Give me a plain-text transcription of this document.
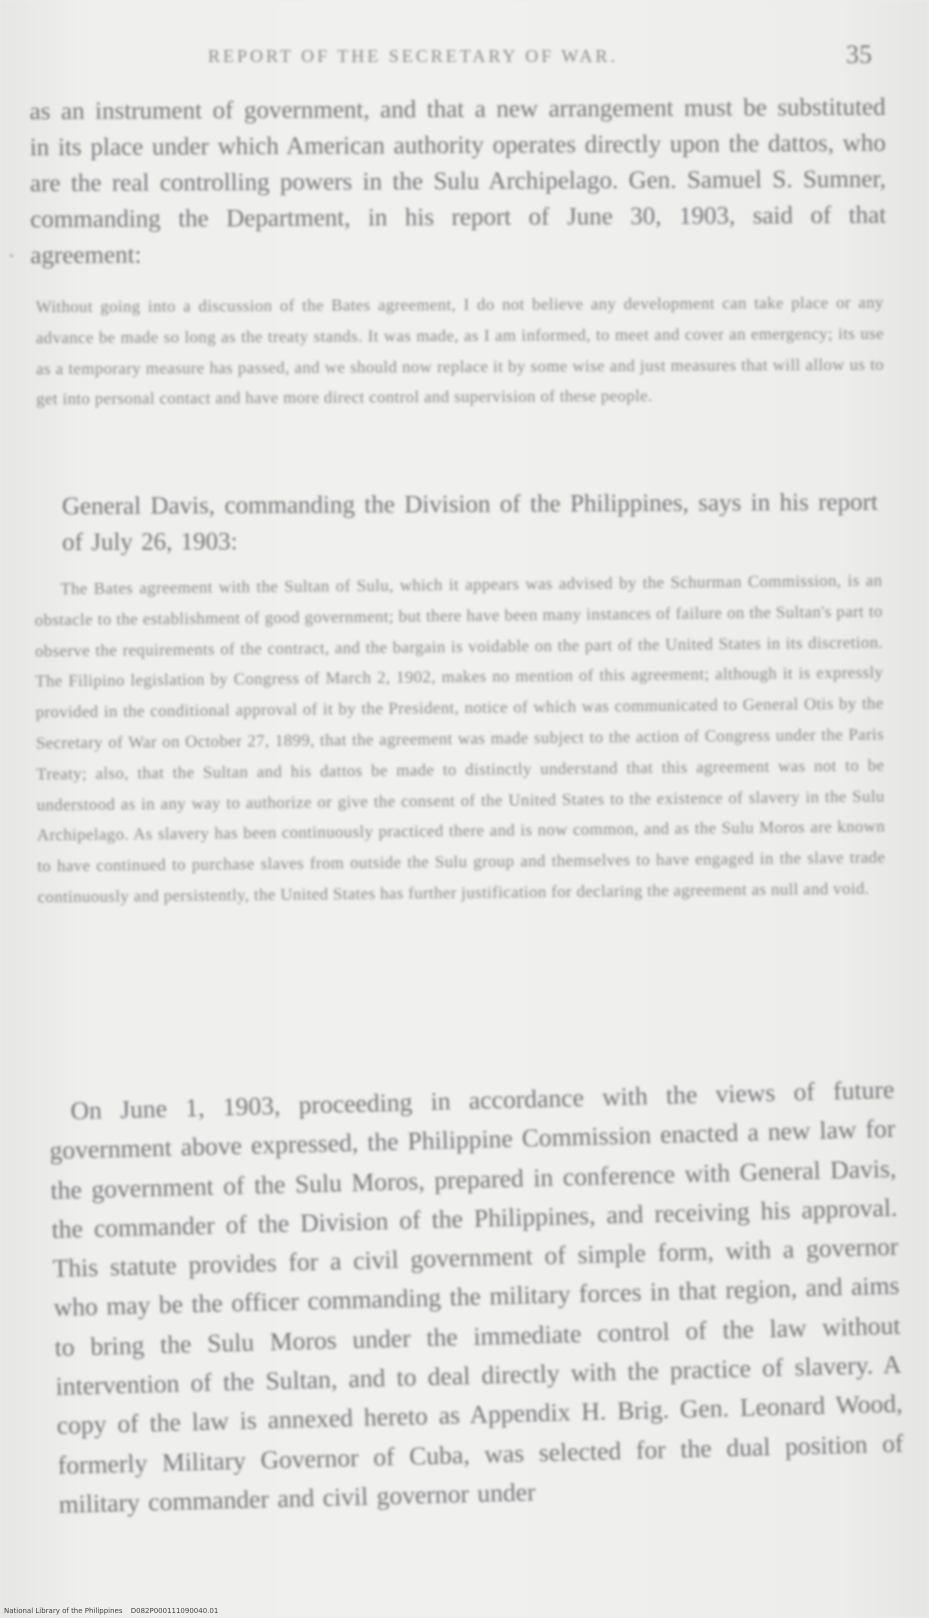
REPORT OF THE SECRETARY OF WAR.	35

as an instrument of government, and that a new arrangement must be substituted in its place under which American authority operates directly upon the dattos, who are the real controlling powers in the Sulu Archipelago. Gen. Samuel S. Sumner, commanding the Department, in his report of June 30, 1903, said of that agreement:

Without going into a discussion of the Bates agreement, I do not believe any development can take place or any advance be made so long as the treaty stands. It was made, as I am informed, to meet and cover an emergency; its use as a temporary measure has passed, and we should now replace it by some wise and just measures that will allow us to get into personal contact and have more direct control and supervision of these people.

General Davis, commanding the Division of the Philippines, says in his report of July 26, 1903:

The Bates agreement with the Sultan of Sulu, which it appears was advised by the Schurman Commission, is an obstacle to the establishment of good government; but there have been many instances of failure on the Sultan's part to observe the requirements of the contract, and the bargain is voidable on the part of the United States in its discretion. The Filipino legislation by Congress of March 2, 1902, makes no mention of this agreement; although it is expressly provided in the conditional approval of it by the President, notice of which was communicated to General Otis by the Secretary of War on October 27, 1899, that the agreement was made subject to the action of Congress under the Paris Treaty; also, that the Sultan and his dattos be made to distinctly understand that this agreement was not to be understood as in any way to authorize or give the consent of the United States to the existence of slavery in the Sulu Archipelago. As slavery has been continuously practiced there and is now common, and as the Sulu Moros are known to have continued to purchase slaves from outside the Sulu group and themselves to have engaged in the slave trade continuously and persistently, the United States has further justification for declaring the agreement as null and void.

On June 1, 1903, proceeding in accordance with the views of future government above expressed, the Philippine Commission enacted a new law for the government of the Sulu Moros, prepared in conference with General Davis, the commander of the Division of the Philippines, and receiving his approval. This statute provides for a civil government of simple form, with a governor who may be the officer commanding the military forces in that region, and aims to bring the Sulu Moros under the immediate control of the law without intervention of the Sultan, and to deal directly with the practice of slavery. A copy of the law is annexed hereto as Appendix H. Brig. Gen. Leonard Wood, formerly Military Governor of Cuba, was selected for the dual position of military commander and civil governor under

National Library of the Philippines D082P000111090040.01
